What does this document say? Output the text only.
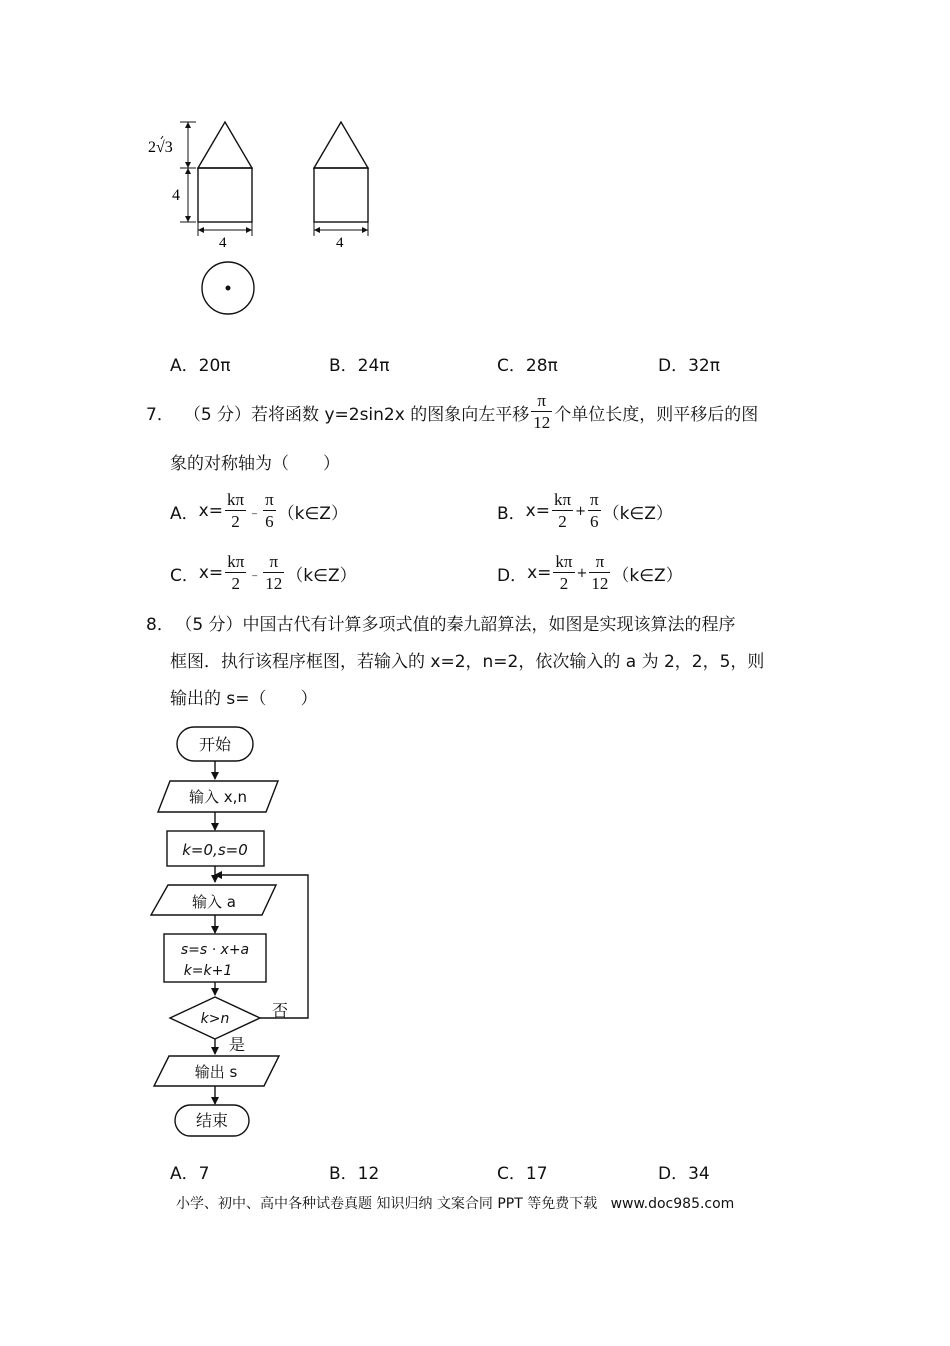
2√3
4
4	4
A．20π	B．24π	C．28π	D．32π
7． （5 分）若将函数 y=2sin2x 的图象向左平移 $\frac{\pi}{12}$ 个单位长度，则平移后的图
象的对称轴为（　　）
A． $x= \frac{k\pi}{2}$ ﹣ $\frac{\pi}{6}$ （k∈Z）	B． $x= \frac{k\pi}{2} + \frac{\pi}{6}$ （k∈Z）
C． $x= \frac{k\pi}{2}$ ﹣ $\frac{\pi}{12}$ （k∈Z）	D． $x= \frac{k\pi}{2} + \frac{\pi}{12}$ （k∈Z）
8． （5 分）中国古代有计算多项式值的秦九韶算法，如图是实现该算法的程序
框图．执行该程序框图，若输入的 x=2，n=2，依次输入的 a 为 2，2，5，则
输出的 s=（　　）
开始
输入 x,n
k=0,s=0
输入 a
s=s · x+a
k=k+1
k>n	否
是
输出 s
结束
A．7	B．12	C．17	D．34
小学、初中、高中各种试卷真题 知识归纳 文案合同 PPT 等免费下载   www.doc985.com
